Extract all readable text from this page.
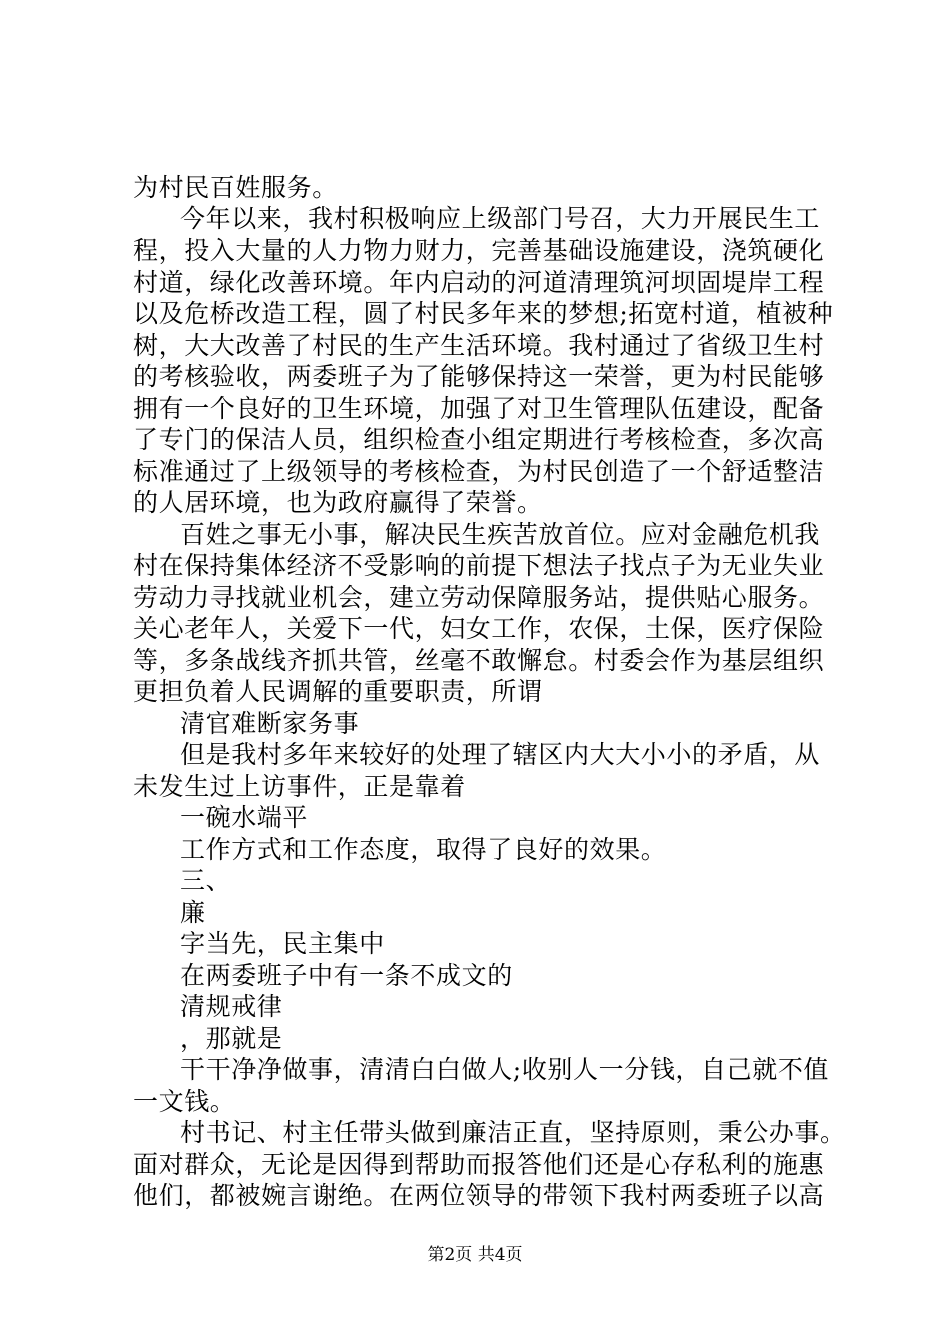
为村民百姓服务。
今年以来，我村积极响应上级部门号召，大力开展民生工
程，投入大量的人力物力财力，完善基础设施建设，浇筑硬化
村道，绿化改善环境。年内启动的河道清理筑河坝固堤岸工程
以及危桥改造工程，圆了村民多年来的梦想;拓宽村道，植被种
树，大大改善了村民的生产生活环境。我村通过了省级卫生村
的考核验收，两委班子为了能够保持这一荣誉，更为村民能够
拥有一个良好的卫生环境，加强了对卫生管理队伍建设，配备
了专门的保洁人员，组织检查小组定期进行考核检查，多次高
标准通过了上级领导的考核检查，为村民创造了一个舒适整洁
的人居环境，也为政府赢得了荣誉。
百姓之事无小事，解决民生疾苦放首位。应对金融危机我
村在保持集体经济不受影响的前提下想法子找点子为无业失业
劳动力寻找就业机会，建立劳动保障服务站，提供贴心服务。
关心老年人，关爱下一代，妇女工作，农保，土保，医疗保险
等，多条战线齐抓共管，丝毫不敢懈怠。村委会作为基层组织
更担负着人民调解的重要职责，所谓
清官难断家务事
但是我村多年来较好的处理了辖区内大大小小的矛盾，从
未发生过上访事件，正是靠着
一碗水端平
工作方式和工作态度，取得了良好的效果。
三、
廉
字当先，民主集中
在两委班子中有一条不成文的
清规戒律
，那就是
干干净净做事，清清白白做人;收别人一分钱，自己就不值
一文钱。
村书记、村主任带头做到廉洁正直，坚持原则，秉公办事。
面对群众，无论是因得到帮助而报答他们还是心存私利的施惠
他们，都被婉言谢绝。在两位领导的带领下我村两委班子以高
第2页 共4页
